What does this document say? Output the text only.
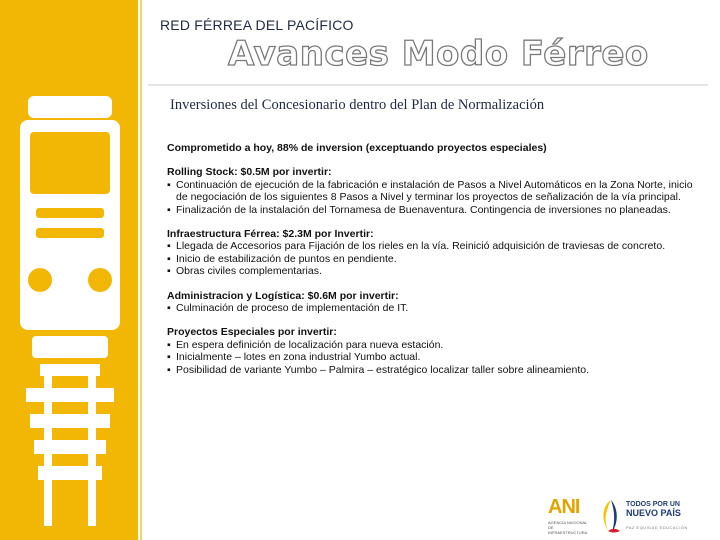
RED FÉRREA DEL PACÍFICO
Avances Modo Férreo
Inversiones del Concesionario dentro del Plan de Normalización
Comprometido a hoy, 88% de inversion (exceptuando proyectos especiales)
Rolling Stock: $0.5M por invertir:
▪ Continuación de ejecución de la fabricación e instalación de Pasos a Nivel Automáticos en la Zona Norte, inicio de negociación de los siguientes 8 Pasos a Nivel y terminar los proyectos de señalización de la vía principal.
▪ Finalización de la instalación del Tornamesa de Buenaventura. Contingencia de inversiones no planeadas.
Infraestructura Férrea: $2.3M por Invertir:
▪ Llegada de Accesorios para Fijación de los rieles en la vía. Reinició adquisición de traviesas de concreto.
▪ Inicio de estabilización de puntos en pendiente.
▪ Obras civiles complementarias.
Administracion y Logística: $0.6M por invertir:
▪ Culminación de proceso de implementación de IT.
Proyectos Especiales por invertir:
▪ En espera definición de localización para nueva estación.
▪ Inicialmente – lotes en zona industrial Yumbo actual.
▪ Posibilidad de variante Yumbo – Palmira – estratégico localizar taller sobre alineamiento.
ANI
AGENCIA NACIONAL DE INFRAESTRUCTURA
TODOS POR UN
NUEVO PAÍS
PAZ EQUIDAD EDUCACIÓN
